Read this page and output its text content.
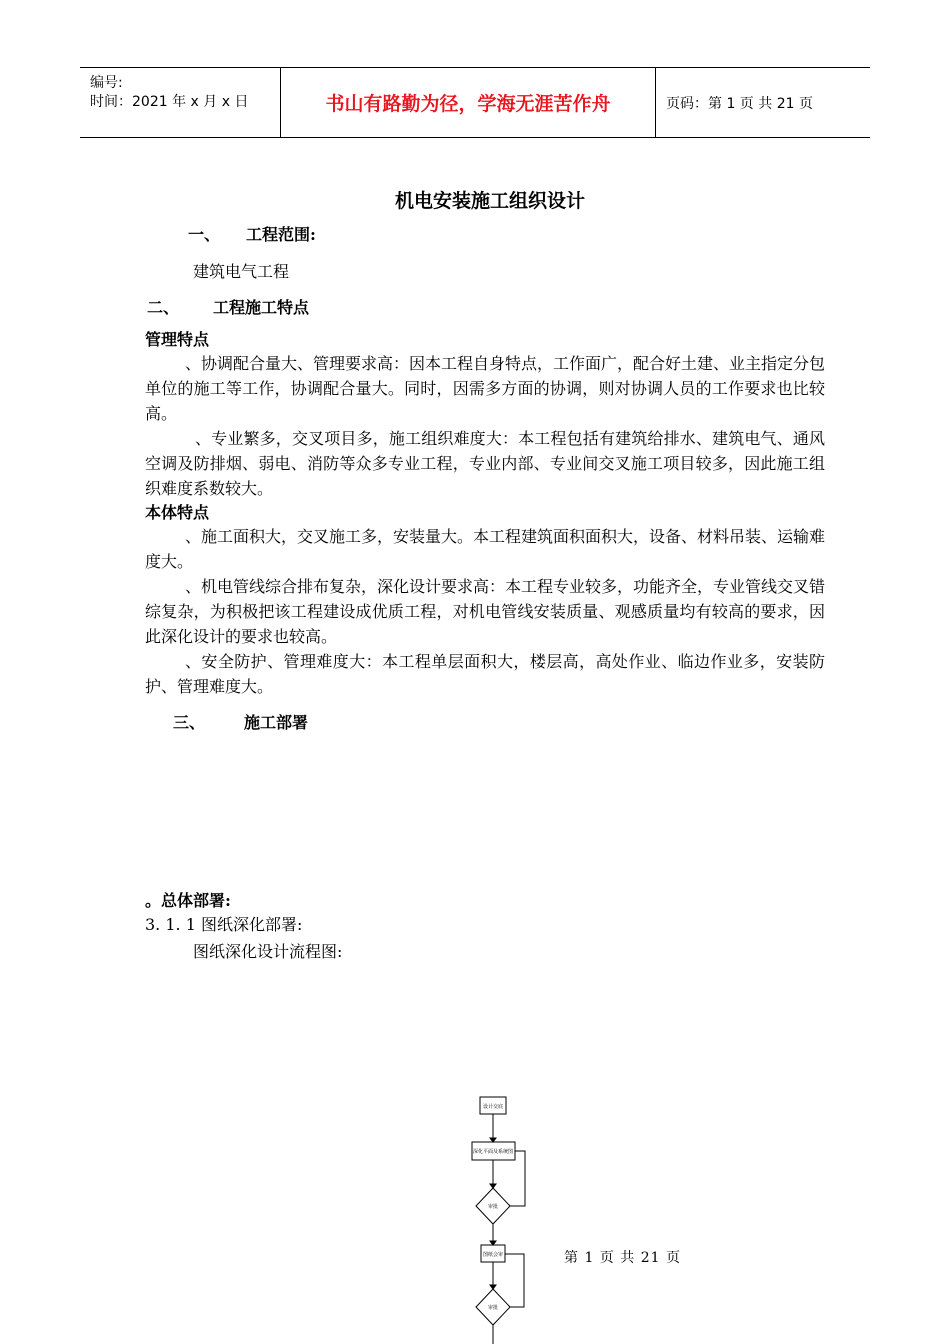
编号:
时间：2021 年 x 月 x 日	书山有路勤为径，学海无涯苦作舟	页码：第 1 页 共 21 页
机电安装施工组织设计
一、 工程范围:
建筑电气工程
二、 工程施工特点
管理特点
、协调配合量大、管理要求高：因本工程自身特点，工作面广，配合好土建、业主指定分包单位的施工等工作，协调配合量大。同时，因需多方面的协调，则对协调人员的工作要求也比较高。
、专业繁多，交叉项目多，施工组织难度大：本工程包括有建筑给排水、建筑电气、通风空调及防排烟、弱电、消防等众多专业工程，专业内部、专业间交叉施工项目较多，因此施工组织难度系数较大。
本体特点
、施工面积大，交叉施工多，安装量大。本工程建筑面积面积大，设备、材料吊装、运输难度大。
、机电管线综合排布复杂，深化设计要求高：本工程专业较多，功能齐全，专业管线交叉错综复杂，为积极把该工程建设成优质工程，对机电管线安装质量、观感质量均有较高的要求，因此深化设计的要求也较高。
、安全防护、管理难度大：本工程单层面积大，楼层高，高处作业、临边作业多，安装防护、管理难度大。
三、 施工部署
。总体部署:
3. 1. 1 图纸深化部署:
图纸深化设计流程图:
设计交底
深化平面及系统图
审批
图纸会审
审批
第 1 页 共 21 页
